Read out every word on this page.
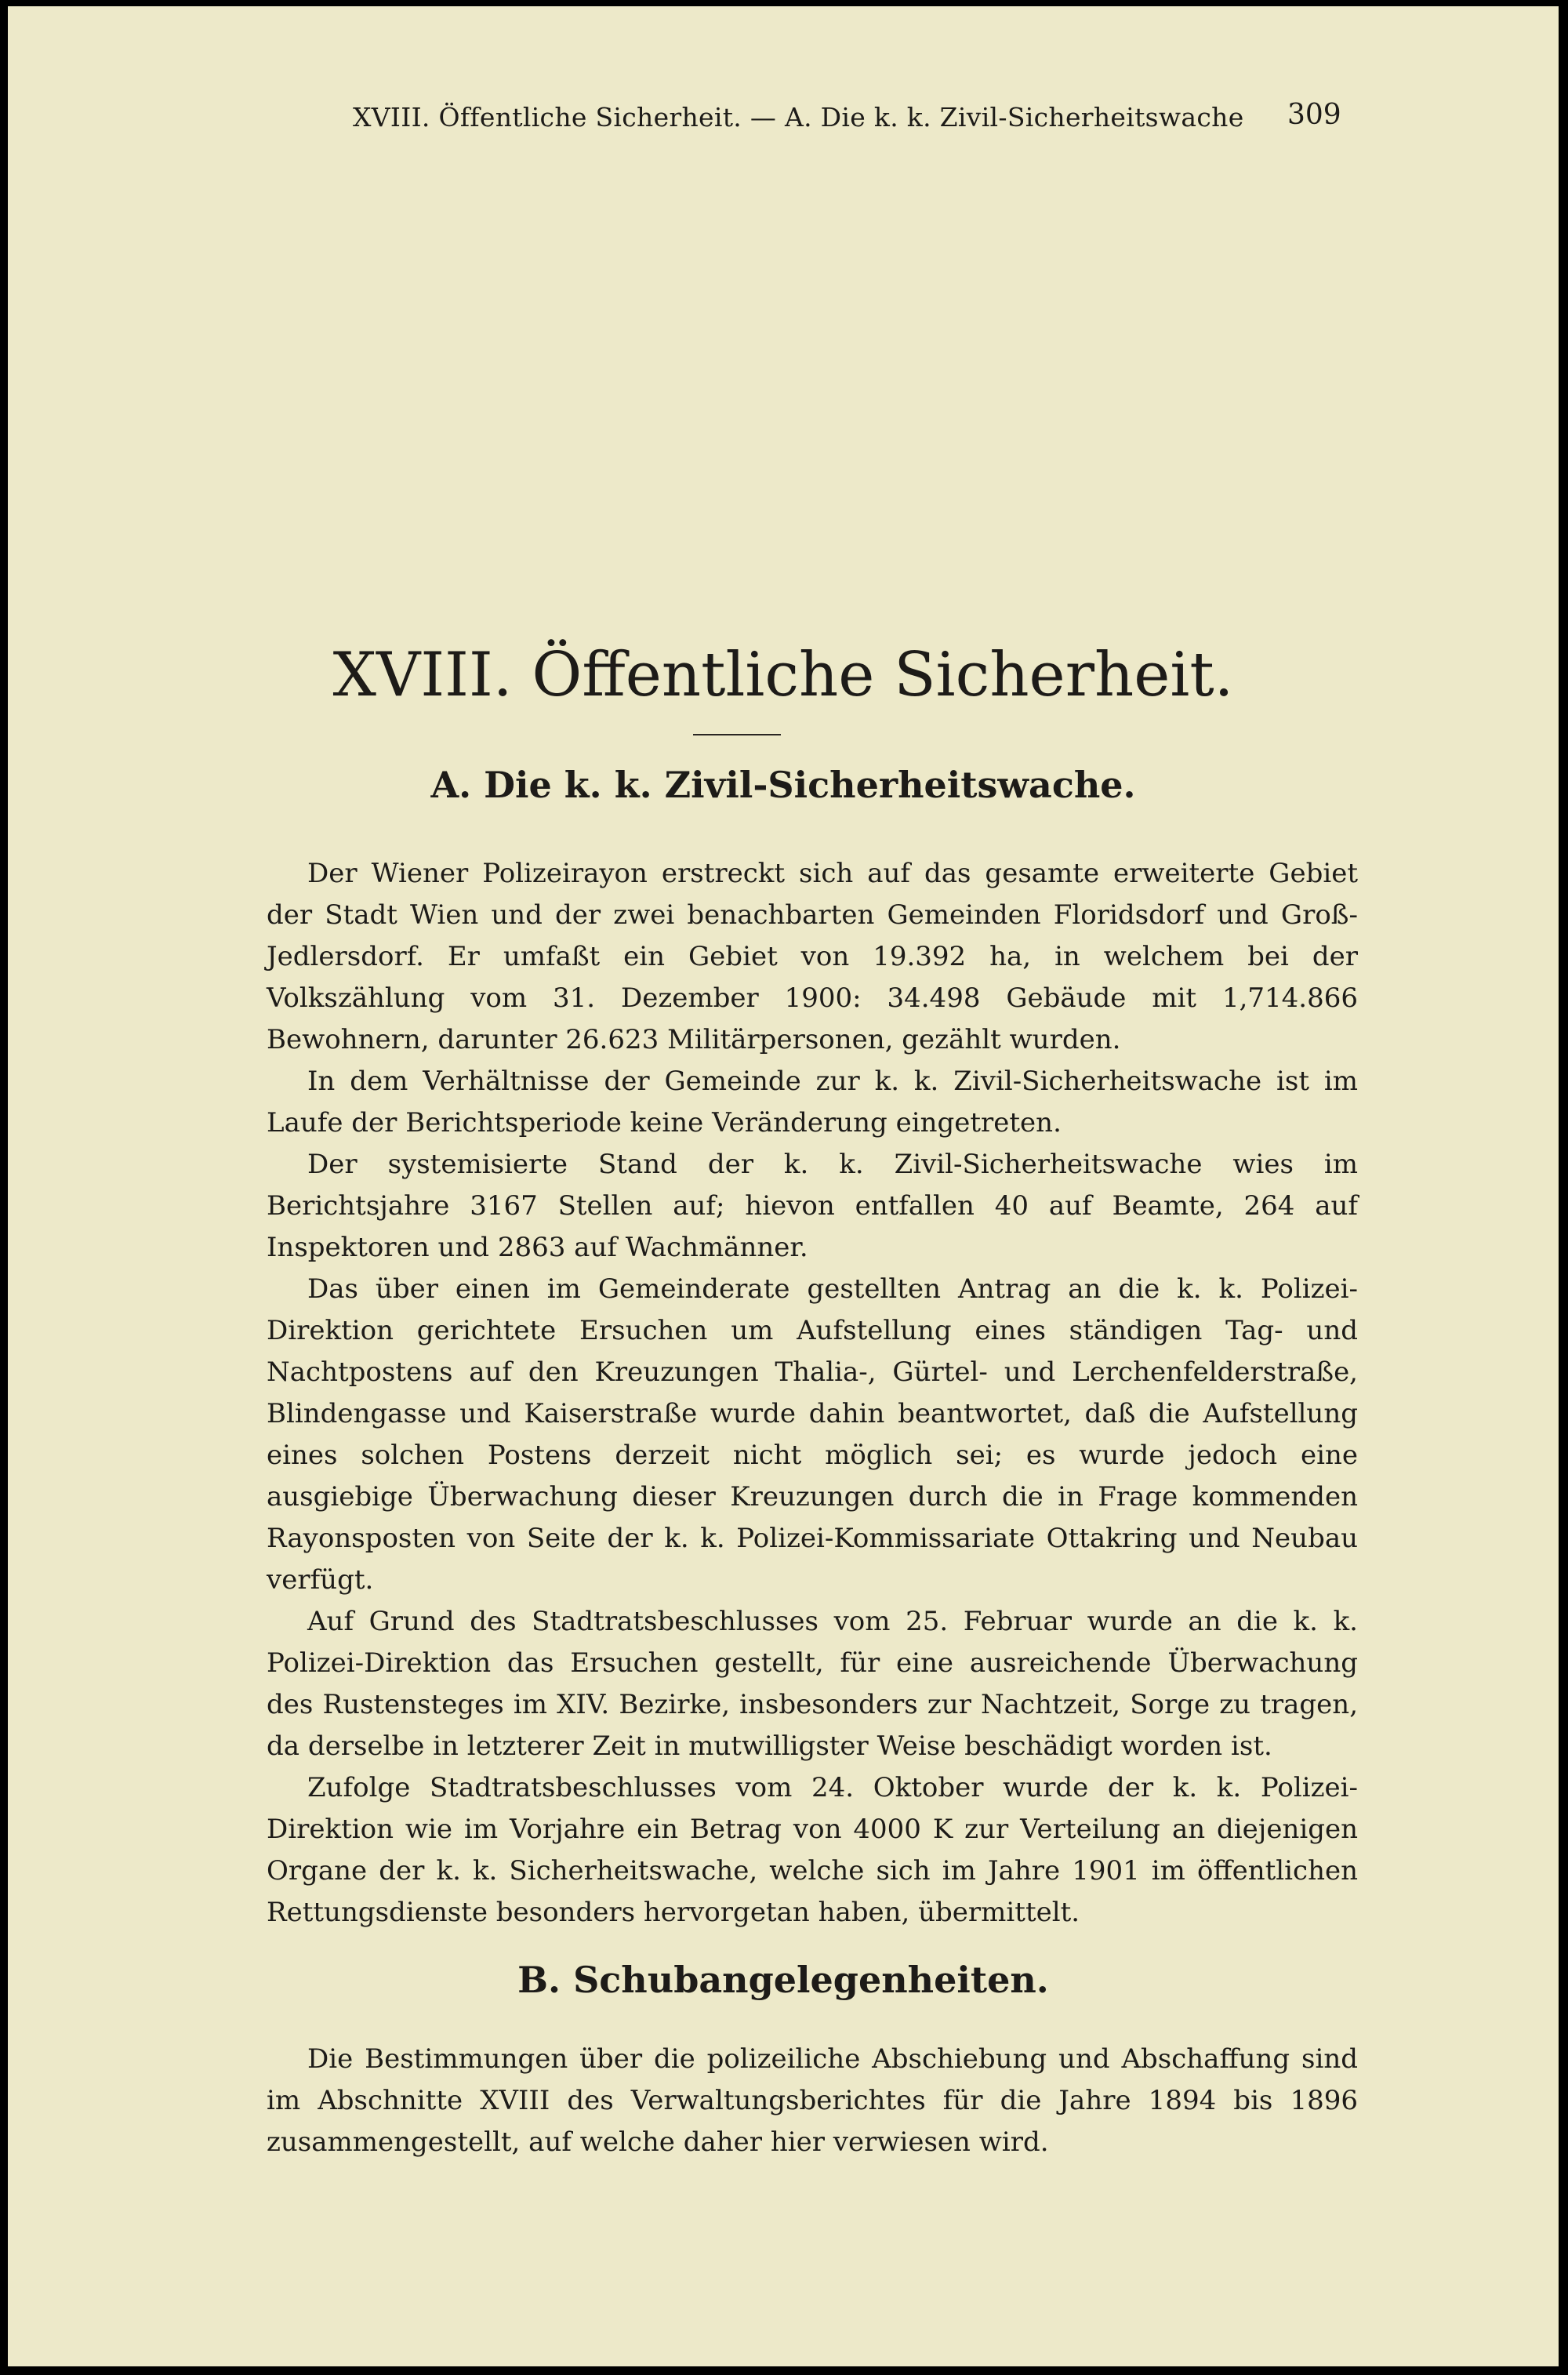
XVIII. Öffentliche Sicherheit. — A. Die k. k. Zivil-Sicherheitswache 309
XVIII. Öffentliche Sicherheit.
A. Die k. k. Zivil-Sicherheitswache.

Der Wiener Polizeirayon erstreckt sich auf das gesamte erweiterte Gebiet der Stadt Wien und der zwei benachbarten Gemeinden Floridsdorf und Groß-Jedlersdorf. Er umfaßt ein Gebiet von 19.392 ha, in welchem bei der Volkszählung vom 31. Dezember 1900: 34.498 Gebäude mit 1,714.866 Bewohnern, darunter 26.623 Militärpersonen, gezählt wurden.

In dem Verhältnisse der Gemeinde zur k. k. Zivil-Sicherheitswache ist im Laufe der Berichtsperiode keine Veränderung eingetreten.

Der systemisierte Stand der k. k. Zivil-Sicherheitswache wies im Berichtsjahre 3167 Stellen auf; hievon entfallen 40 auf Beamte, 264 auf Inspektoren und 2863 auf Wachmänner.

Das über einen im Gemeinderate gestellten Antrag an die k. k. Polizei-Direktion gerichtete Ersuchen um Aufstellung eines ständigen Tag- und Nachtpostens auf den Kreuzungen Thalia-, Gürtel- und Lerchenfelderstraße, Blindengasse und Kaiserstraße wurde dahin beantwortet, daß die Aufstellung eines solchen Postens derzeit nicht möglich sei; es wurde jedoch eine ausgiebige Überwachung dieser Kreuzungen durch die in Frage kommenden Rayonsposten von Seite der k. k. Polizei-Kommissariate Ottakring und Neubau verfügt.

Auf Grund des Stadtratsbeschlusses vom 25. Februar wurde an die k. k. Polizei-Direktion das Ersuchen gestellt, für eine ausreichende Überwachung des Rustensteges im XIV. Bezirke, insbesonders zur Nachtzeit, Sorge zu tragen, da derselbe in letzterer Zeit in mutwilligster Weise beschädigt worden ist.

Zufolge Stadtratsbeschlusses vom 24. Oktober wurde der k. k. Polizei-Direktion wie im Vorjahre ein Betrag von 4000 K zur Verteilung an diejenigen Organe der k. k. Sicherheitswache, welche sich im Jahre 1901 im öffentlichen Rettungsdienste besonders hervorgetan haben, übermittelt.

B. Schubangelegenheiten.

Die Bestimmungen über die polizeiliche Abschiebung und Abschaffung sind im Abschnitte XVIII des Verwaltungsberichtes für die Jahre 1894 bis 1896 zusammengestellt, auf welche daher hier verwiesen wird.
